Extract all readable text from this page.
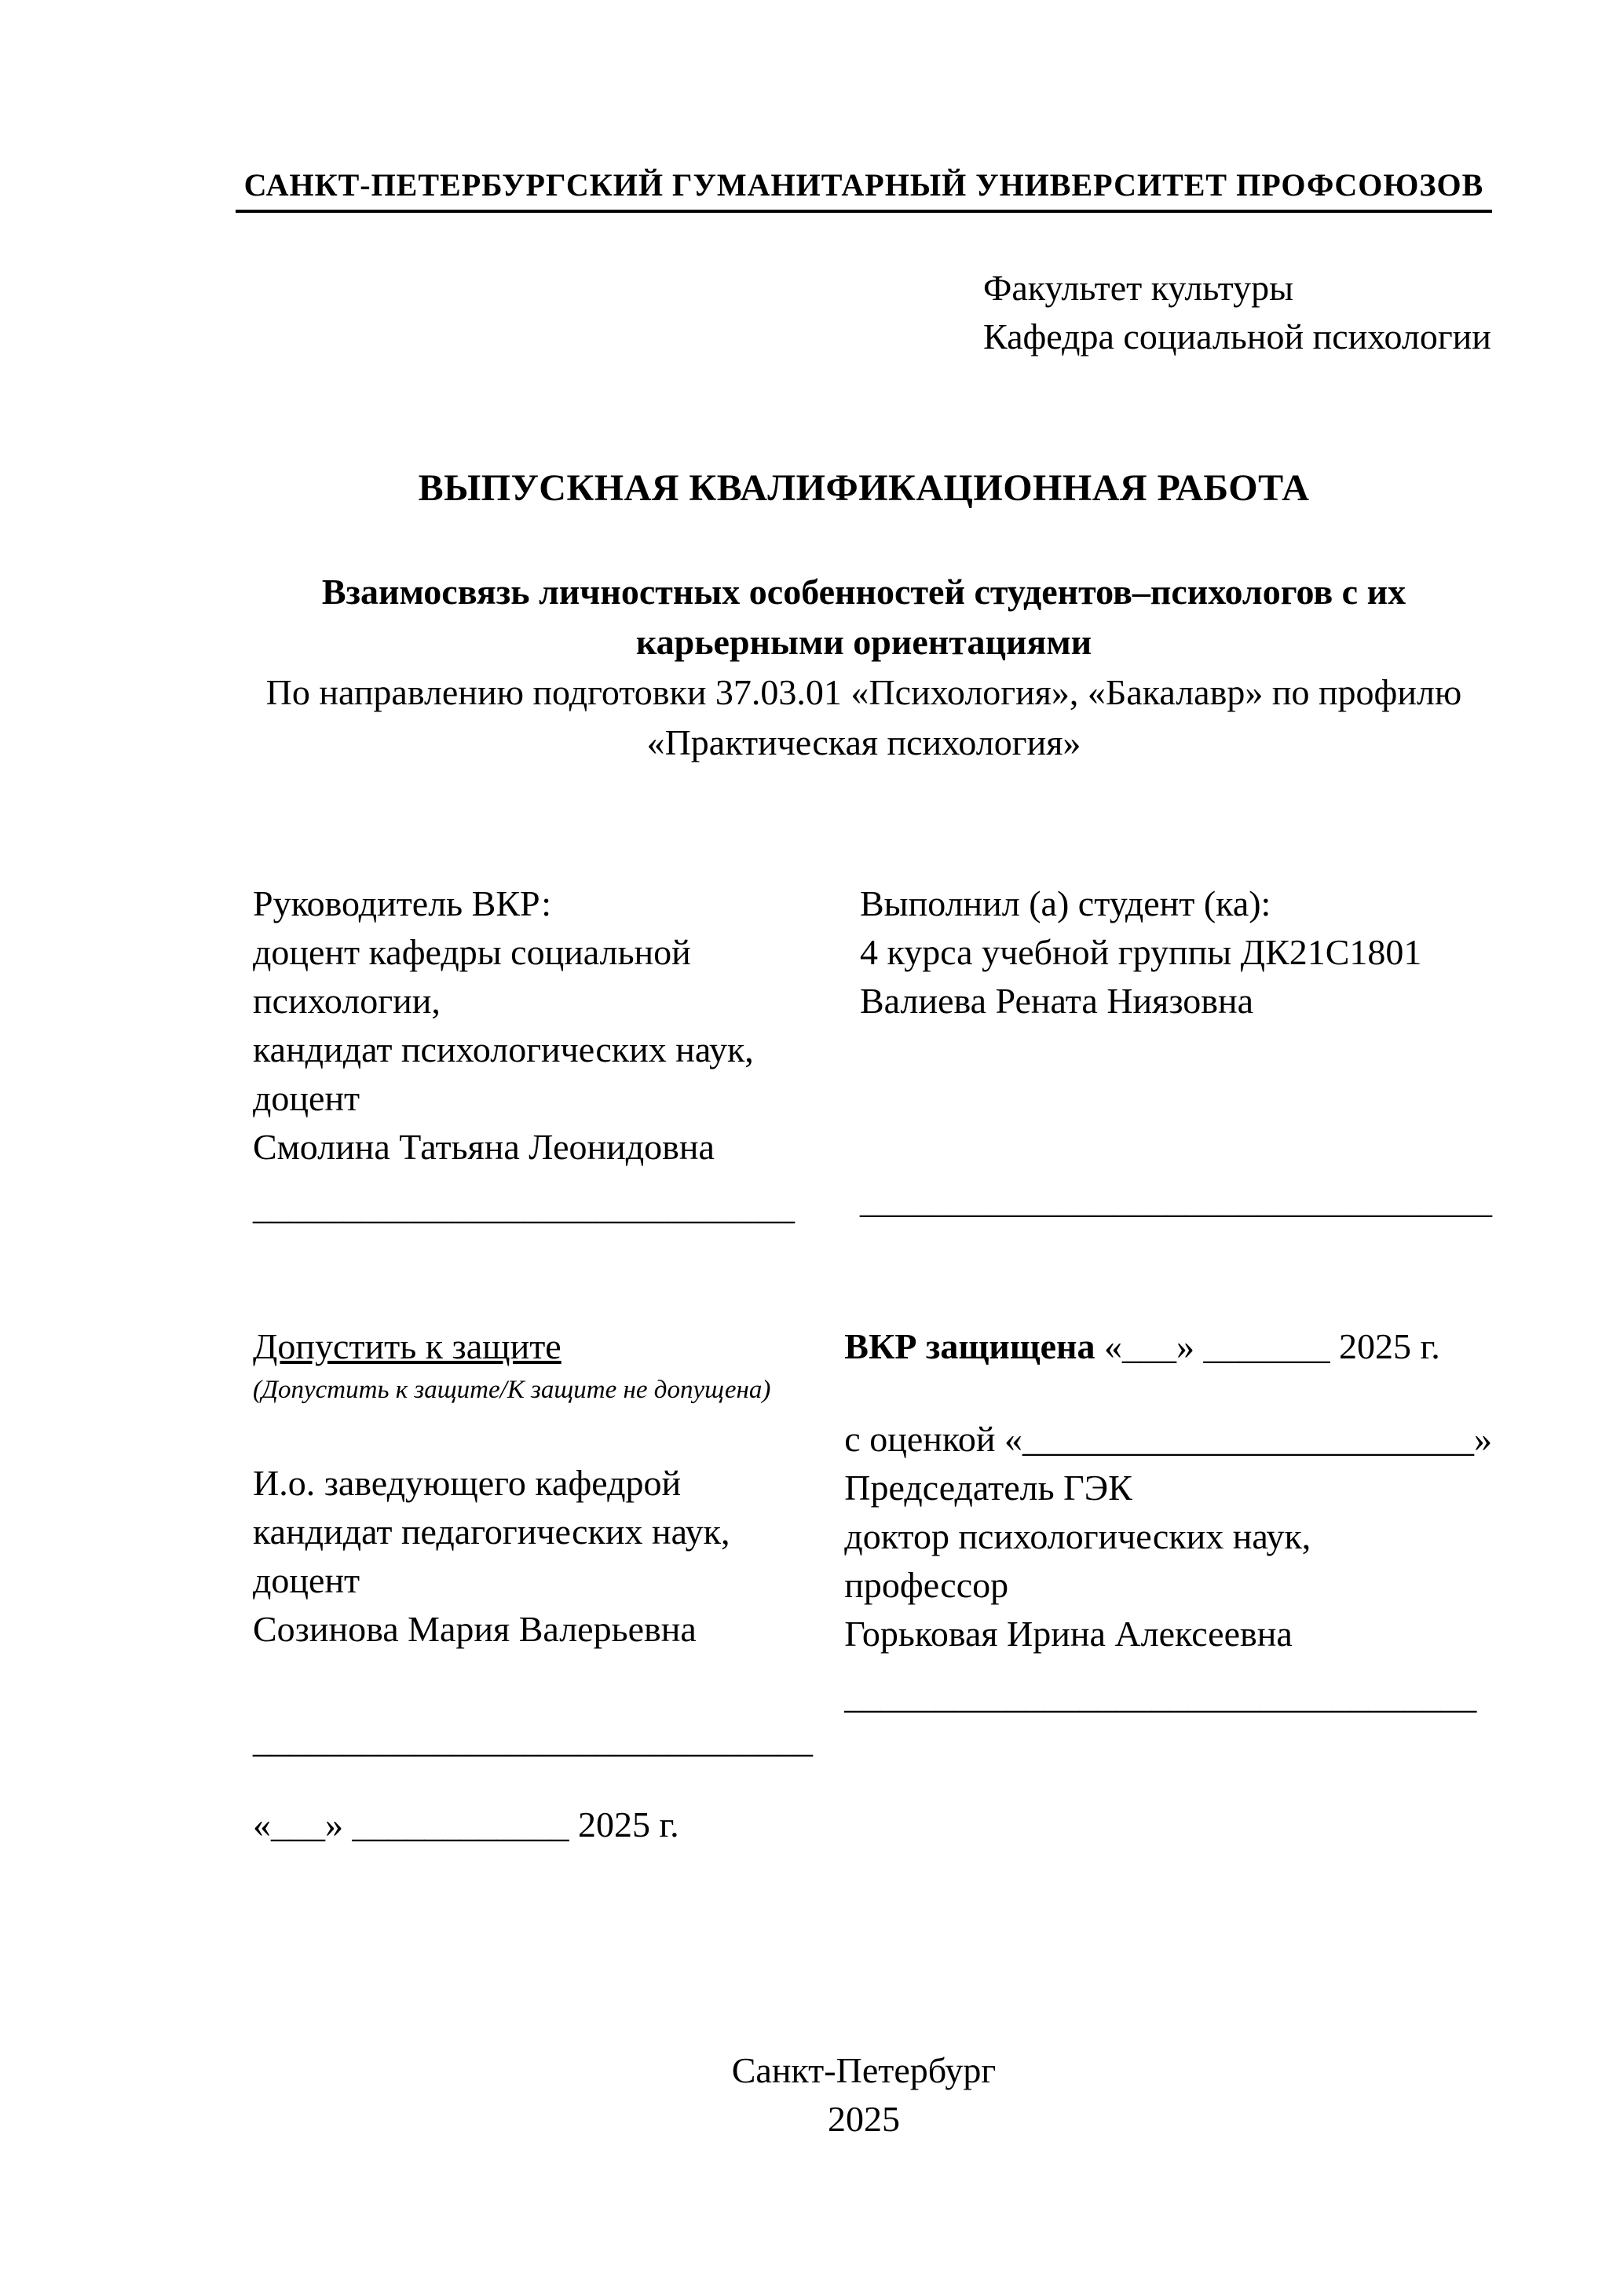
САНКТ-ПЕТЕРБУРГСКИЙ ГУМАНИТАРНЫЙ УНИВЕРСИТЕТ ПРОФСОЮЗОВ
Факультет культуры
Кафедра социальной психологии
ВЫПУСКНАЯ КВАЛИФИКАЦИОННАЯ РАБОТА
Взаимосвязь личностных особенностей студентов–психологов с их
карьерными ориентациями
По направлению подготовки 37.03.01 «Психология», «Бакалавр» по профилю
«Практическая психология»
Руководитель ВКР:
доцент кафедры социальной
психологии,
кандидат психологических наук,
доцент
Смолина Татьяна Леонидовна
______________________________
Выполнил (а) студент (ка):
4 курса учебной группы ДК21С1801
Валиева Рената Ниязовна
___________________________________
Допустить к защите
(Допустить к защите/К защите не допущена)
И.о. заведующего кафедрой
кандидат педагогических наук,
доцент
Созинова Мария Валерьевна
_______________________________
«___» ____________ 2025 г.
ВКР защищена «___» _______ 2025 г.
с оценкой «_________________________»
Председатель ГЭК
доктор психологических наук,
профессор
Горьковая Ирина Алексеевна
___________________________________
Санкт-Петербург
2025
